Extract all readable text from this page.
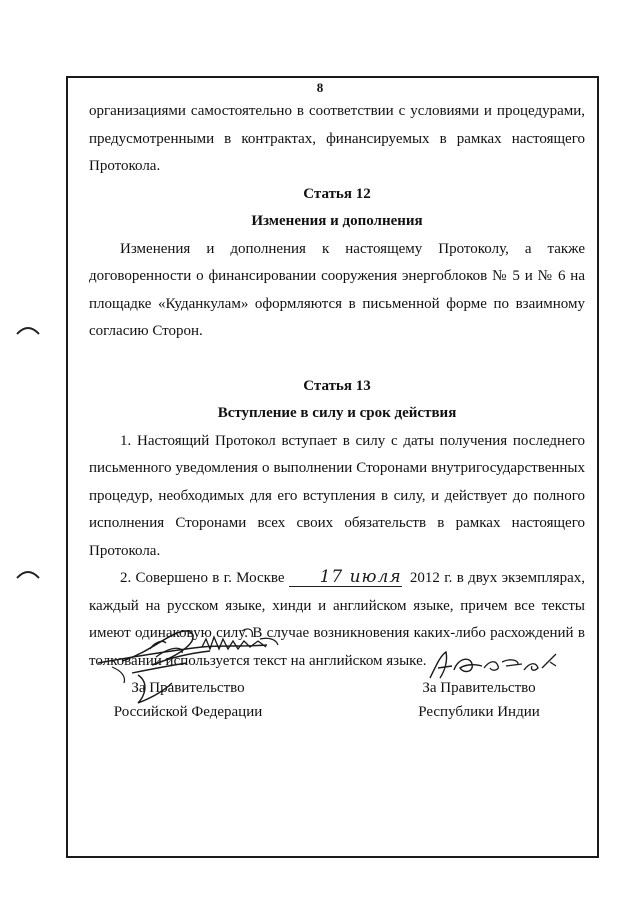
8

организациями самостоятельно в соответствии с условиями и процедурами, предусмотренными в контрактах, финансируемых в рамках настоящего Протокола.

Статья 12

Изменения и дополнения

Изменения и дополнения к настоящему Протоколу, а также договоренности о финансировании сооружения энергоблоков № 5 и № 6 на площадке «Куданкулам» оформляются в письменной форме по взаимному согласию Сторон.

Статья 13

Вступление в силу и срок действия

1. Настоящий Протокол вступает в силу с даты получения последнего письменного уведомления о выполнении Сторонами внутригосударственных процедур, необходимых для его вступления в силу, и действует до полного исполнения Сторонами всех своих обязательств в рамках настоящего Протокола.

2. Совершено в г. Москве 17 июля 2012 г. в двух экземплярах, каждый на русском языке, хинди и английском языке, причем все тексты имеют одинаковую силу. В случае возникновения каких-либо расхождений в толковании используется текст на английском языке.

За Правительство
Российской Федерации
За Правительство
Республики Индии
